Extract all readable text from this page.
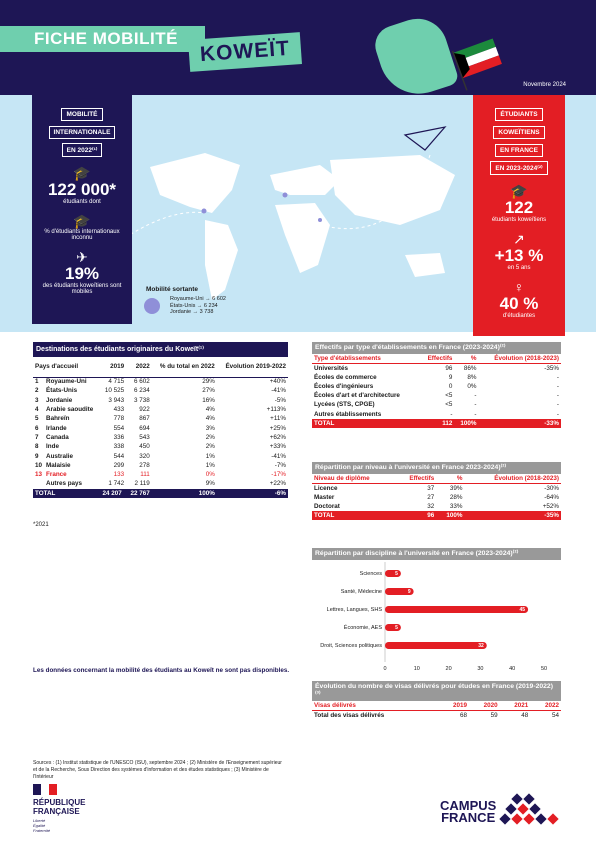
FICHE MOBILITÉ	KOWEÏT
Novembre 2024
MOBILITÉ
INTERNATIONALE
EN 2022⁽¹⁾
🎓
122 000*
étudiants dont
🎓
% d'étudiants internationaux inconnu
✈
19%
des étudiants koweïtiens sont mobiles
ÉTUDIANTS
KOWEÏTIENS
EN FRANCE
EN 2023-2024⁽²⁾
🎓
122
étudiants koweïtiens
↗
+13 %
en 5 ans
♀
40 %
d'étudiantes
Mobilité sortante
Royaume-Uni → 6 602
États-Unis → 6 234
Jordanie → 3 738
Destinations des étudiants originaires du Koweït⁽¹⁾
Pays d'accueil		2019	2022	% du total en 2022	Évolution 2019-2022
1	Royaume-Uni	4 715	6 602	29%	+40%
2	États-Unis	10 525	6 234	27%	-41%
3	Jordanie	3 943	3 738	16%	-5%
4	Arabie saoudite	433	922	4%	+113%
5	Bahreïn	778	867	4%	+11%
6	Irlande	554	694	3%	+25%
7	Canada	336	543	2%	+62%
8	Inde	338	450	2%	+33%
9	Australie	544	320	1%	-41%
10	Malaisie	299	278	1%	-7%
13	France	133	111	0%	-17%
	Autres pays	1 742	2 119	9%	+22%
TOTAL		24 207	22 767	100%	-6%
*2021
Effectifs par type d'établissements en France (2023-2024)⁽²⁾
Type d'établissements	Effectifs	%	Évolution (2018-2023)
Universités	96	86%	-35%
Écoles de commerce	9	8%	-
Écoles d'ingénieurs	0	0%	-
Écoles d'art et d'architecture	<5	-	-
Lycées (STS, CPGE)	<5	-	-
Autres établissements	-	-	-
TOTAL	112	100%	-33%
Répartition par niveau à l'université en France 2023-2024)⁽²⁾
Niveau de diplôme	Effectifs	%	Évolution (2018-2023)
Licence	37	39%	-30%
Master	27	28%	-64%
Doctorat	32	33%	+52%
TOTAL	96	100%	-35%
Répartition par discipline à l'université en France (2023-2024)⁽²⁾
Sciences	5
Santé, Médecine	9
Lettres, Langues, SHS	45
Économie, AES	5
Droit, Sciences politiques	32
0	10	20	30	40	50
Évolution du nombre de visas délivrés pour études en France (2019-2022)⁽³⁾
Visas délivrés	2019	2020	2021	2022
Total des visas délivrés	68	59	48	54
Les données concernant la mobilité des étudiants au Koweït ne sont pas disponibles.
Sources : (1) Institut statistique de l'UNESCO (ISU), septembre 2024 ; (2) Ministère de l'Enseignement supérieur et de la Recherche, Sous Direction des systèmes d'information et des études statistiques ; (3) Ministère de l'Intérieur
RÉPUBLIQUE
FRANÇAISE
Liberté
Égalité
Fraternité
CAMPUS
FRANCE
